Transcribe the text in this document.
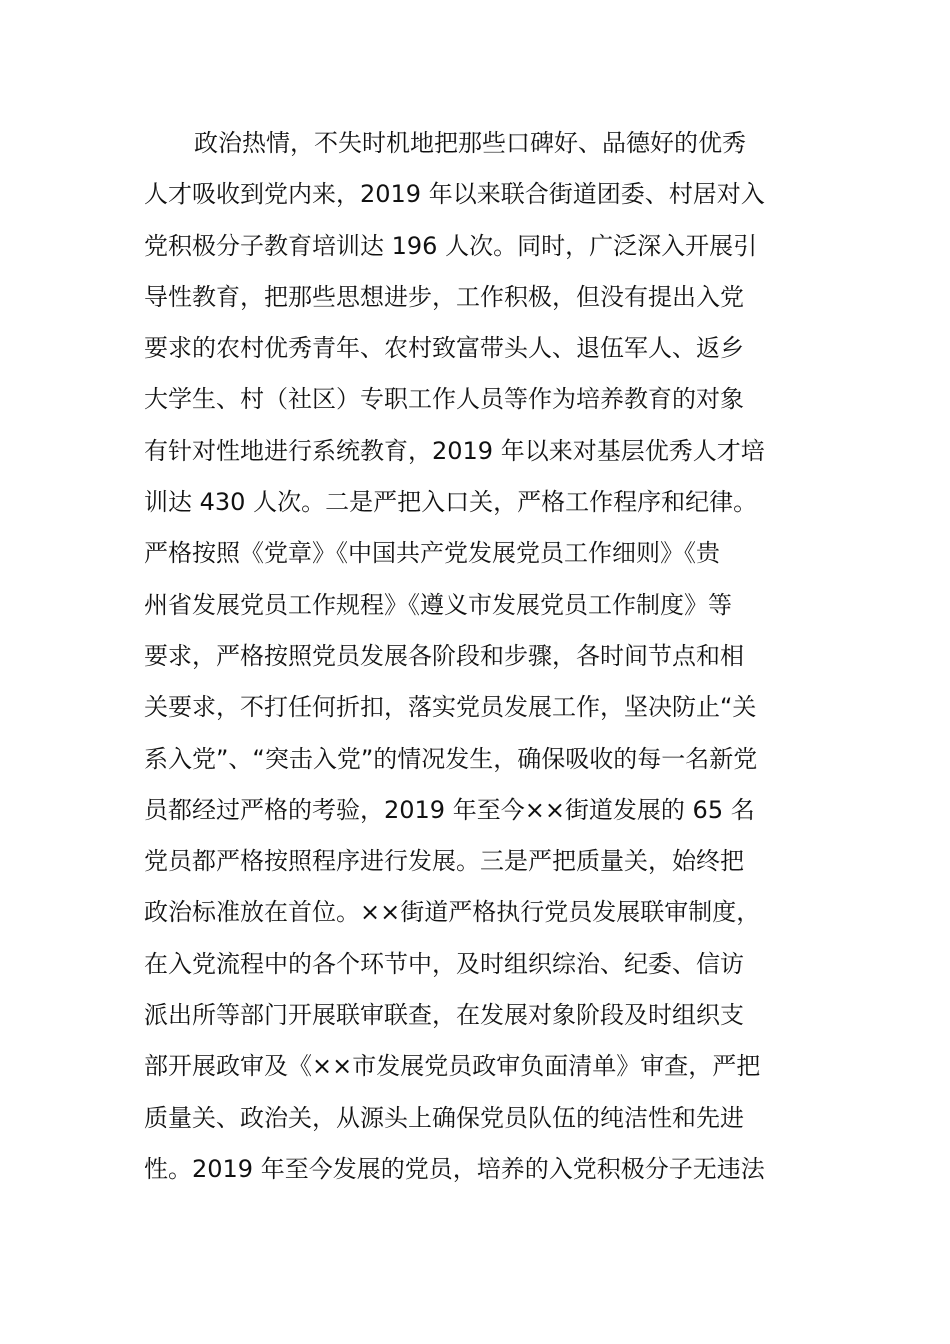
政治热情，不失时机地把那些口碑好、品德好的优秀
人才吸收到党内来，2019 年以来联合街道团委、村居对入
党积极分子教育培训达 196 人次。同时，广泛深入开展引
导性教育，把那些思想进步，工作积极，但没有提出入党
要求的农村优秀青年、农村致富带头人、退伍军人、返乡
大学生、村（社区）专职工作人员等作为培养教育的对象
有针对性地进行系统教育，2019 年以来对基层优秀人才培
训达 430 人次。二是严把入口关，严格工作程序和纪律。
严格按照《党章》《中国共产党发展党员工作细则》《贵
州省发展党员工作规程》《遵义市发展党员工作制度》等
要求，严格按照党员发展各阶段和步骤，各时间节点和相
关要求，不打任何折扣，落实党员发展工作，坚决防止“关
系入党”、“突击入党”的情况发生，确保吸收的每一名新党
员都经过严格的考验，2019 年至今××街道发展的 65 名
党员都严格按照程序进行发展。三是严把质量关，始终把
政治标准放在首位。××街道严格执行党员发展联审制度，
在入党流程中的各个环节中，及时组织综治、纪委、信访
派出所等部门开展联审联查，在发展对象阶段及时组织支
部开展政审及《××市发展党员政审负面清单》审查，严把
质量关、政治关，从源头上确保党员队伍的纯洁性和先进
性。2019 年至今发展的党员，培养的入党积极分子无违法
